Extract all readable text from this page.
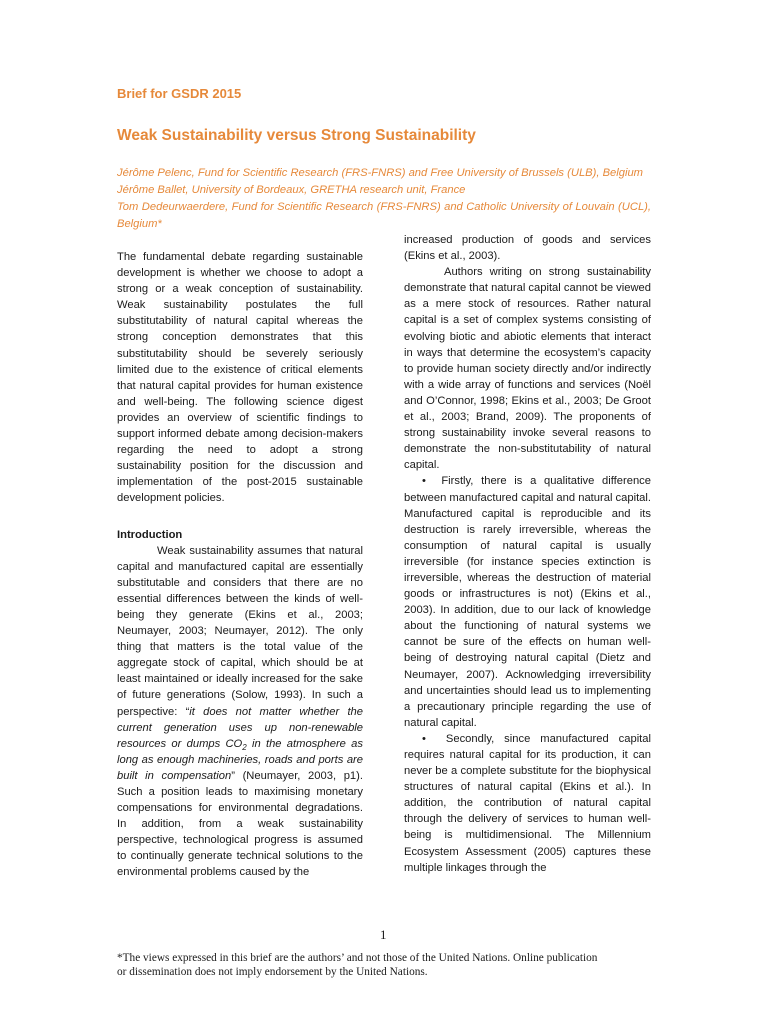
Brief for GSDR 2015
Weak Sustainability versus Strong Sustainability

Jérôme Pelenc, Fund for Scientific Research (FRS-FNRS) and Free University of Brussels (ULB), Belgium

Jérôme Ballet, University of Bordeaux, GRETHA research unit, France

Tom Dedeurwaerdere, Fund for Scientific Research (FRS-FNRS) and Catholic University of Louvain (UCL), Belgium*

The fundamental debate regarding sustainable development is whether we choose to adopt a strong or a weak conception of sustainability. Weak sustainability postulates the full substitutability of natural capital whereas the strong conception demonstrates that this substitutability should be severely seriously limited due to the existence of critical elements that natural capital provides for human existence and well-being. The following science digest provides an overview of scientific findings to support informed debate among decision-makers regarding the need to adopt a strong sustainability position for the discussion and implementation of the post-2015 sustainable development policies.

Introduction

Weak sustainability assumes that natural capital and manufactured capital are essentially substitutable and considers that there are no essential differences between the kinds of well-being they generate (Ekins et al., 2003; Neumayer, 2003; Neumayer, 2012). The only thing that matters is the total value of the aggregate stock of capital, which should be at least maintained or ideally increased for the sake of future generations (Solow, 1993). In such a perspective: “it does not matter whether the current generation uses up non-renewable resources or dumps $CO_2$ in the atmosphere as long as enough machineries, roads and ports are built in compensation” (Neumayer, 2003, p1). Such a position leads to maximising monetary compensations for environmental degradations. In addition, from a weak sustainability perspective, technological progress is assumed to continually generate technical solutions to the environmental problems caused by the

increased production of goods and services (Ekins et al., 2003).

Authors writing on strong sustainability demonstrate that natural capital cannot be viewed as a mere stock of resources. Rather natural capital is a set of complex systems consisting of evolving biotic and abiotic elements that interact in ways that determine the ecosystem’s capacity to provide human society directly and/or indirectly with a wide array of functions and services (Noël and O’Connor, 1998; Ekins et al., 2003; De Groot et al., 2003; Brand, 2009). The proponents of strong sustainability invoke several reasons to demonstrate the non-substitutability of natural capital.

• Firstly, there is a qualitative difference between manufactured capital and natural capital. Manufactured capital is reproducible and its destruction is rarely irreversible, whereas the consumption of natural capital is usually irreversible (for instance species extinction is irreversible, whereas the destruction of material goods or infrastructures is not) (Ekins et al., 2003). In addition, due to our lack of knowledge about the functioning of natural systems we cannot be sure of the effects on human well-being of destroying natural capital (Dietz and Neumayer, 2007). Acknowledging irreversibility and uncertainties should lead us to implementing a precautionary principle regarding the use of natural capital.

• Secondly, since manufactured capital requires natural capital for its production, it can never be a complete substitute for the biophysical structures of natural capital (Ekins et al.). In addition, the contribution of natural capital through the delivery of services to human well-being is multidimensional. The Millennium Ecosystem Assessment (2005) captures these multiple linkages through the

1

*The views expressed in this brief are the authors’ and not those of the United Nations. Online publication

or dissemination does not imply endorsement by the United Nations.
